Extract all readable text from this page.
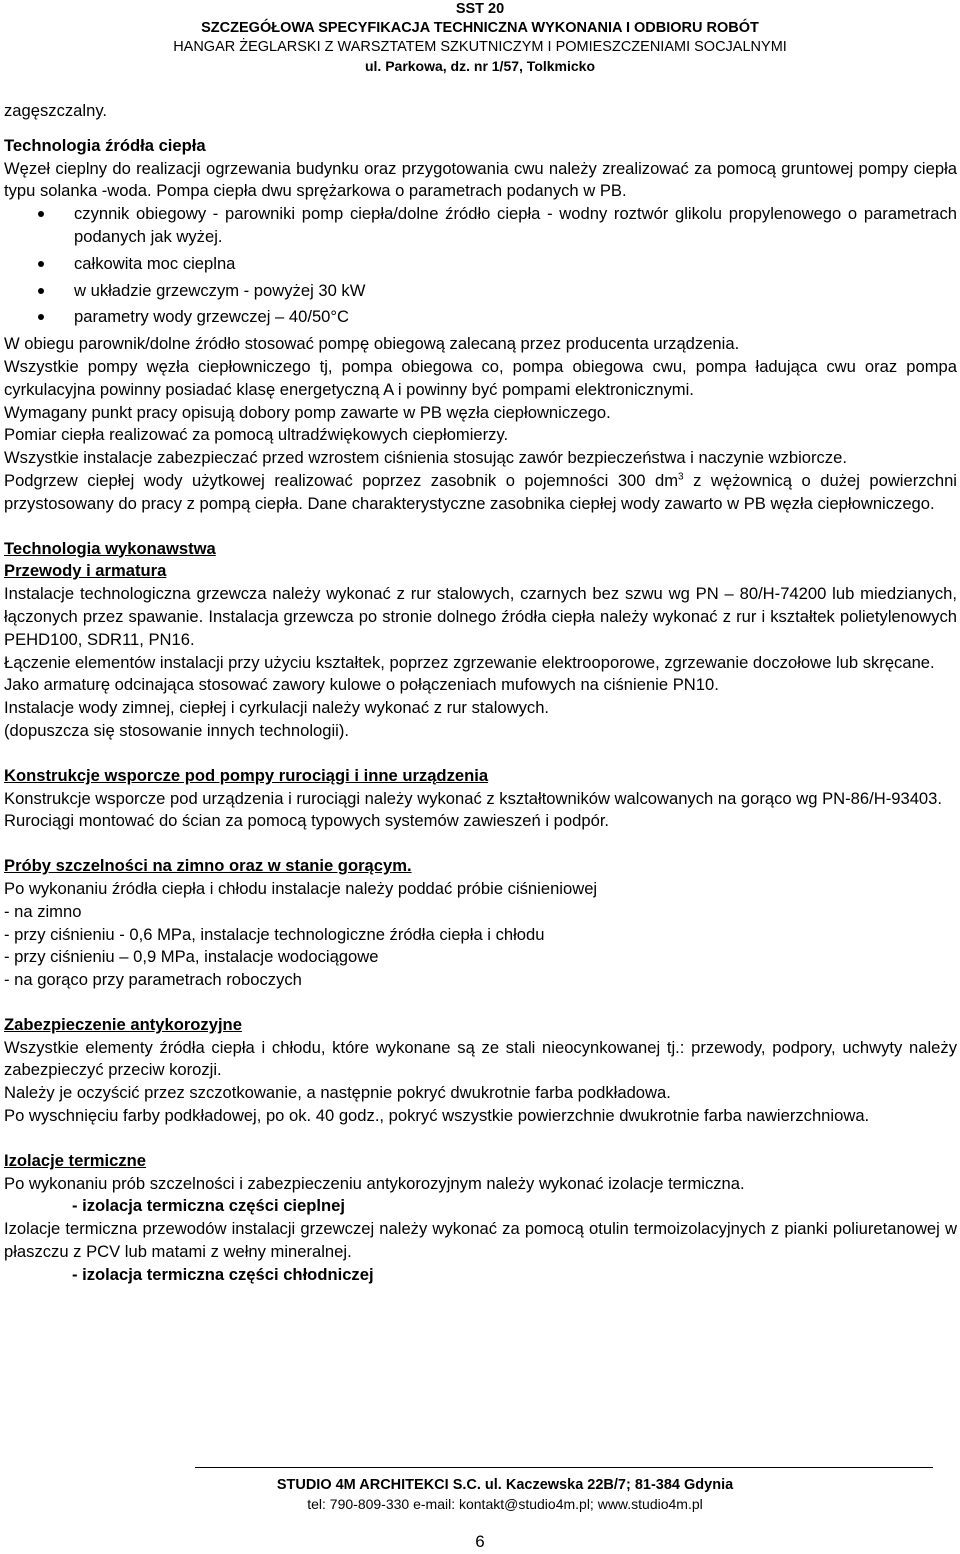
SST 20
SZCZEGÓŁOWA SPECYFIKACJA TECHNICZNA WYKONANIA I ODBIORU ROBÓT
HANGAR ŻEGLARSKI Z WARSZTATEM SZKUTNICZYM I POMIESZCZENIAMI SOCJALNYMI
ul. Parkowa, dz. nr 1/57, Tolkmicko

zagęszczalny.

Technologia źródła ciepła

Węzeł cieplny do realizacji ogrzewania budynku oraz przygotowania cwu należy zrealizować za pomocą gruntowej pompy ciepła typu solanka -woda. Pompa ciepła dwu sprężarkowa o parametrach podanych w PB.

czynnik obiegowy - parowniki pomp ciepła/dolne źródło ciepła - wodny roztwór glikolu propylenowego o parametrach podanych jak wyżej.
całkowita moc cieplna
w układzie grzewczym - powyżej 30 kW
parametry wody grzewczej – 40/50°C

W obiegu parownik/dolne źródło stosować pompę obiegową zalecaną przez producenta urządzenia.

Wszystkie pompy węzła ciepłowniczego tj, pompa obiegowa co, pompa obiegowa cwu, pompa ładująca cwu oraz pompa cyrkulacyjna powinny posiadać klasę energetyczną A i powinny być pompami elektronicznymi.

Wymagany punkt pracy opisują dobory pomp zawarte w PB węzła ciepłowniczego.

Pomiar ciepła realizować za pomocą ultradźwiękowych ciepłomierzy.

Wszystkie instalacje zabezpieczać przed wzrostem ciśnienia stosując zawór bezpieczeństwa i naczynie wzbiorcze.

Podgrzew ciepłej wody użytkowej realizować poprzez zasobnik o pojemności 300 $dm^3$ z wężownicą o dużej powierzchni przystosowany do pracy z pompą ciepła. Dane charakterystyczne zasobnika ciepłej wody zawarto w PB węzła ciepłowniczego.

Technologia wykonawstwa

Przewody i armatura

Instalacje technologiczna grzewcza należy wykonać z rur stalowych, czarnych bez szwu wg PN – 80/H-74200 lub miedzianych, łączonych przez spawanie. Instalacja grzewcza po stronie dolnego źródła ciepła należy wykonać z rur i kształtek polietylenowych PEHD100, SDR11, PN16.

Łączenie elementów instalacji przy użyciu kształtek, poprzez zgrzewanie elektrooporowe, zgrzewanie doczołowe lub skręcane.

Jako armaturę odcinająca stosować zawory kulowe o połączeniach mufowych na ciśnienie PN10.

Instalacje wody zimnej, ciepłej i cyrkulacji należy wykonać z rur stalowych.

(dopuszcza się stosowanie innych technologii).

Konstrukcje wsporcze pod pompy rurociągi i inne urządzenia

Konstrukcje wsporcze pod urządzenia i rurociągi należy wykonać z kształtowników walcowanych na gorąco wg PN-86/H-93403.

Rurociągi montować do ścian za pomocą typowych systemów zawieszeń i podpór.

Próby szczelności na zimno oraz w stanie gorącym.

Po wykonaniu źródła ciepła i chłodu instalacje należy poddać próbie ciśnieniowej

- na zimno

- przy ciśnieniu - 0,6 MPa, instalacje technologiczne źródła ciepła i chłodu

- przy ciśnieniu – 0,9 MPa, instalacje wodociągowe

- na gorąco przy parametrach roboczych

Zabezpieczenie antykorozyjne

Wszystkie elementy źródła ciepła i chłodu, które wykonane są ze stali nieocynkowanej tj.: przewody, podpory, uchwyty należy zabezpieczyć przeciw korozji.

Należy je oczyścić przez szczotkowanie, a następnie pokryć dwukrotnie farba podkładowa.

Po wyschnięciu farby podkładowej, po ok. 40 godz., pokryć wszystkie powierzchnie dwukrotnie farba nawierzchniowa.

Izolacje termiczne

Po wykonaniu prób szczelności i zabezpieczeniu antykorozyjnym należy wykonać izolacje termiczna.

- izolacja termiczna części cieplnej

Izolacje termiczna przewodów instalacji grzewczej należy wykonać za pomocą otulin termoizolacyjnych z pianki poliuretanowej w płaszczu z PCV lub matami z wełny mineralnej.

- izolacja termiczna części chłodniczej

STUDIO 4M ARCHITEKCI S.C. ul. Kaczewska 22B/7; 81-384 Gdynia
tel: 790-809-330 e-mail: kontakt@studio4m.pl; www.studio4m.pl
6
